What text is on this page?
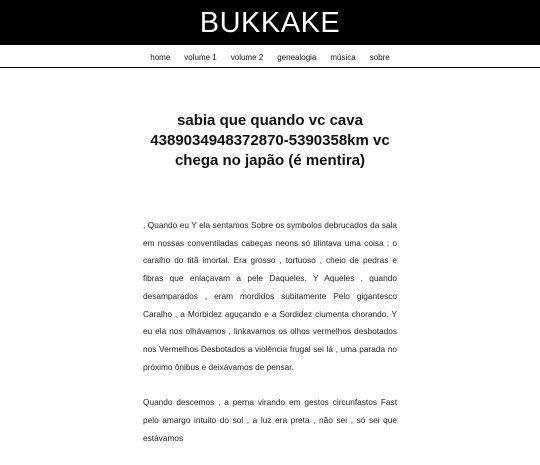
BUKKAKE
home volume 1 volume 2 genealogia música sobre
sabia que quando vc cava 4389034948372870-5390358km vc chega no japão (é mentira)

, Quando eu Y ela sentamos Sobre os symbolos debrucados da sala em nossas conventiladas cabeças neons só tilintava uma coisa : o caralho do titã imortal. Era grosso , tortuoso , cheio de pedras e fibras que enlaçavam a pele Daqueles. Y Aqueles , quando desamparados , eram mordidos subitamente Pelo gigantesco Caralho , a Morbidez aguçando e a Sordidez ciumenta chorando. Y eu ela nos olhávamos , linkavamos os olhos vermelhos desbotados nos Vermelhos Desbotados a violência frugal sei lá , uma parada no próximo ônibus e deixávamos de pensar.

Quando descemos , a perna virando em gestos circunfastos Fast pelo amargo intuito do sol , a luz era preta , não sei , só sei que estávamos
